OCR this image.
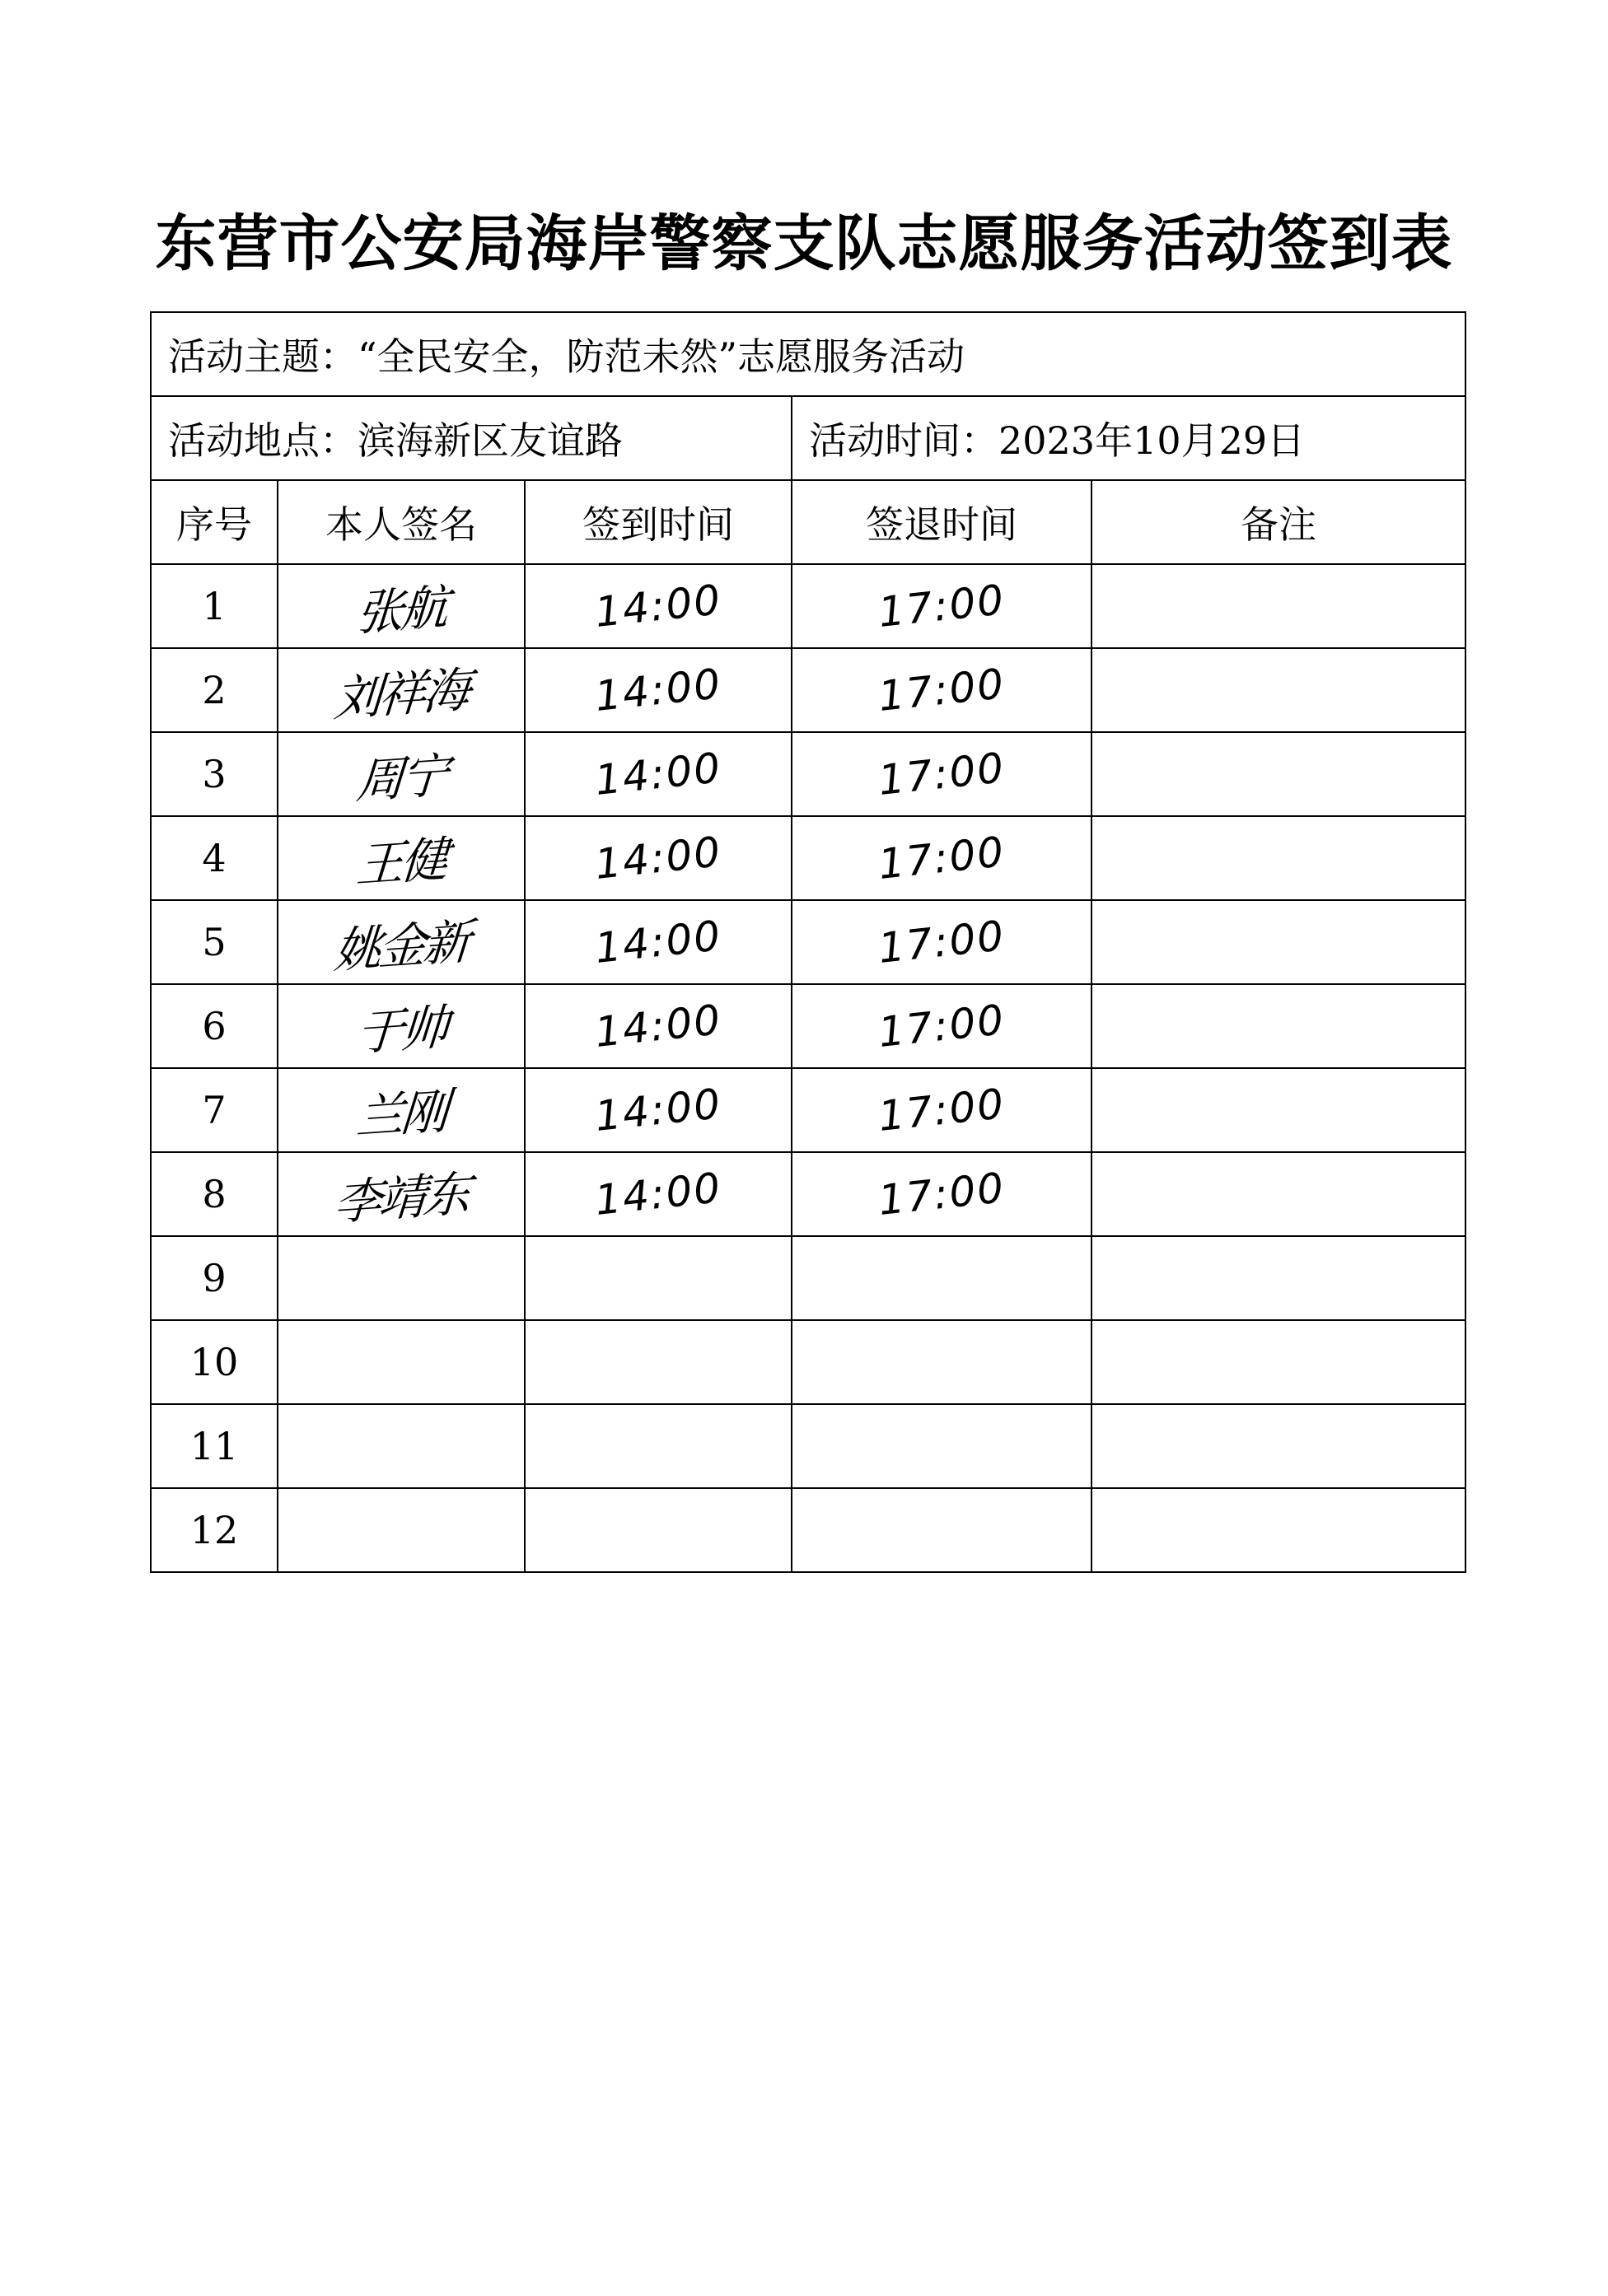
东营市公安局海岸警察支队志愿服务活动签到表
活动主题：“全民安全，防范未然”志愿服务活动				
活动地点：滨海新区友谊路			活动时间：2023年10月29日	
序号	本人签名	签到时间	签退时间	备注
1	张航	14:00	17:00	
2	刘祥海	14:00	17:00	
3	周宁	14:00	17:00	
4	王健	14:00	17:00	
5	姚金新	14:00	17:00	
6	于帅	14:00	17:00	
7	兰刚	14:00	17:00	
8	李靖东	14:00	17:00	
9				
10				
11				
12				
